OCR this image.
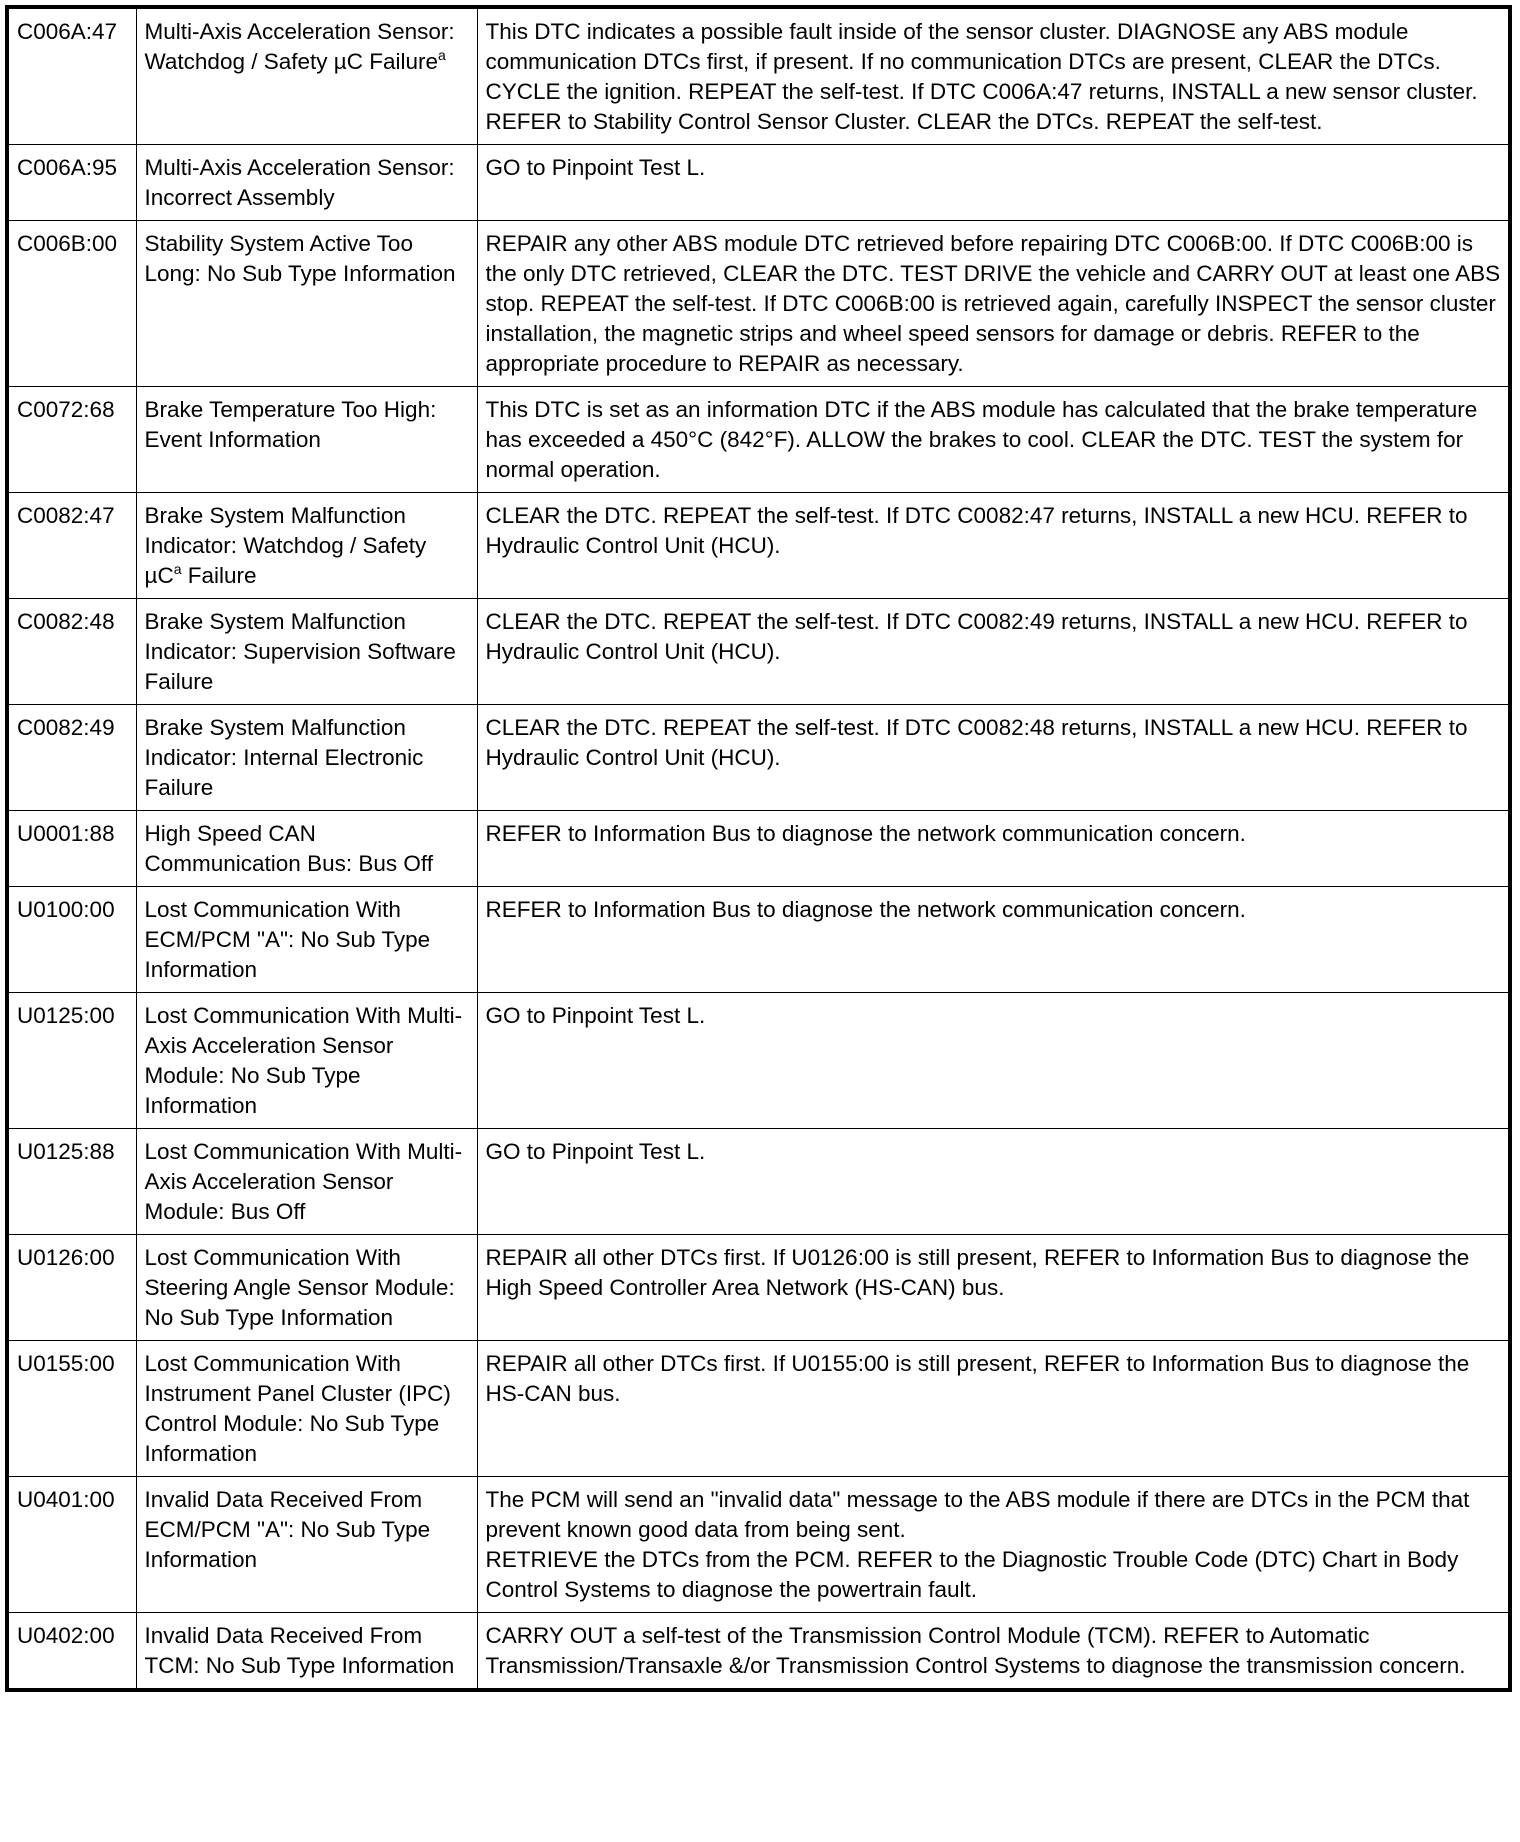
C006A:47	Multi-Axis Acceleration Sensor: Watchdog / Safety µC Failure$^a$	This DTC indicates a possible fault inside of the sensor cluster. DIAGNOSE any ABS module communication DTCs first, if present. If no communication DTCs are present, CLEAR the DTCs. CYCLE the ignition. REPEAT the self-test. If DTC C006A:47 returns, INSTALL a new sensor cluster. REFER to Stability Control Sensor Cluster. CLEAR the DTCs. REPEAT the self-test.

C006A:95	Multi-Axis Acceleration Sensor: Incorrect Assembly	GO to Pinpoint Test L.

C006B:00	Stability System Active Too Long: No Sub Type Information	REPAIR any other ABS module DTC retrieved before repairing DTC C006B:00. If DTC C006B:00 is the only DTC retrieved, CLEAR the DTC. TEST DRIVE the vehicle and CARRY OUT at least one ABS stop. REPEAT the self-test. If DTC C006B:00 is retrieved again, carefully INSPECT the sensor cluster installation, the magnetic strips and wheel speed sensors for damage or debris. REFER to the appropriate procedure to REPAIR as necessary.

C0072:68	Brake Temperature Too High: Event Information	This DTC is set as an information DTC if the ABS module has calculated that the brake temperature has exceeded a 450°C (842°F). ALLOW the brakes to cool. CLEAR the DTC. TEST the system for normal operation.

C0082:47	Brake System Malfunction Indicator: Watchdog / Safety µC$^a$ Failure	CLEAR the DTC. REPEAT the self-test. If DTC C0082:47 returns, INSTALL a new HCU. REFER to Hydraulic Control Unit (HCU).

C0082:48	Brake System Malfunction Indicator: Supervision Software Failure	CLEAR the DTC. REPEAT the self-test. If DTC C0082:49 returns, INSTALL a new HCU. REFER to Hydraulic Control Unit (HCU).

C0082:49	Brake System Malfunction Indicator: Internal Electronic Failure	CLEAR the DTC. REPEAT the self-test. If DTC C0082:48 returns, INSTALL a new HCU. REFER to Hydraulic Control Unit (HCU).

U0001:88	High Speed CAN Communication Bus: Bus Off	REFER to Information Bus to diagnose the network communication concern.

U0100:00	Lost Communication With ECM/PCM "A": No Sub Type Information	REFER to Information Bus to diagnose the network communication concern.

U0125:00	Lost Communication With Multi-Axis Acceleration Sensor Module: No Sub Type Information	GO to Pinpoint Test L.

U0125:88	Lost Communication With Multi-Axis Acceleration Sensor Module: Bus Off	GO to Pinpoint Test L.

U0126:00	Lost Communication With Steering Angle Sensor Module: No Sub Type Information	REPAIR all other DTCs first. If U0126:00 is still present, REFER to Information Bus to diagnose the High Speed Controller Area Network (HS-CAN) bus.

U0155:00	Lost Communication With Instrument Panel Cluster (IPC) Control Module: No Sub Type Information	REPAIR all other DTCs first. If U0155:00 is still present, REFER to Information Bus to diagnose the HS-CAN bus.

U0401:00	Invalid Data Received From ECM/PCM "A": No Sub Type Information	The PCM will send an "invalid data" message to the ABS module if there are DTCs in the PCM that prevent known good data from being sent.

RETRIEVE the DTCs from the PCM. REFER to the Diagnostic Trouble Code (DTC) Chart in Body Control Systems to diagnose the powertrain fault.

U0402:00	Invalid Data Received From TCM: No Sub Type Information	CARRY OUT a self-test of the Transmission Control Module (TCM). REFER to Automatic Transmission/Transaxle &/or Transmission Control Systems to diagnose the transmission concern.
